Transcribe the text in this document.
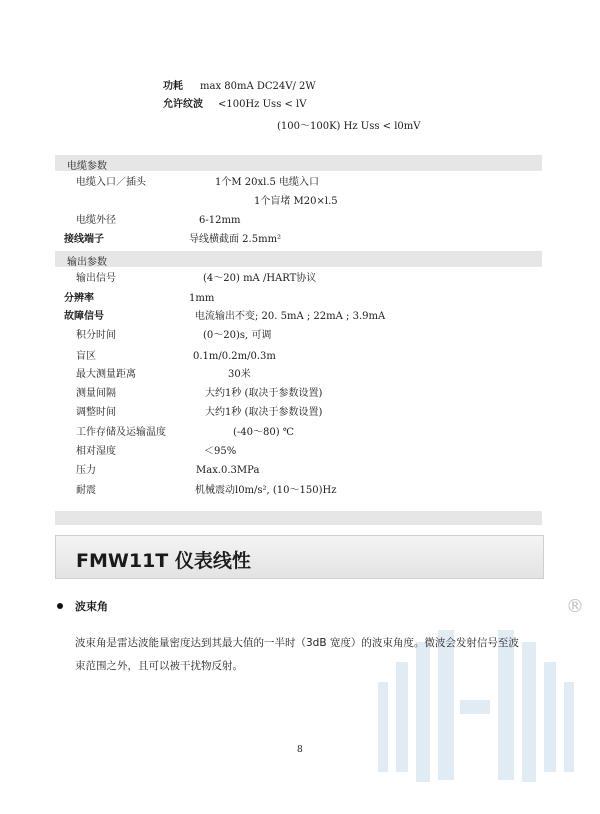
功耗 max 80mA DC24V/ 2W
允许纹波 <100Hz Uss < lV
(100～100K) Hz Uss < l0mV
电缆参数
电缆入口／插头	1个M 20xl.5 电缆入口
1个盲堵 M20×l.5
电缆外径	6-12mm
接线端子	导线横截面 2.5mm²
输出参数
输出信号	(4～20) mA /HART协议
分辨率	1mm
故障信号	电流输出不变; 20. 5mA ; 22mA ; 3.9mA
积分时间	(0～20)s, 可调
盲区	0.1m/0.2m/0.3m
最大测量距离	30米
测量间隔	大约1秒 (取决于参数设置)
调整时间	大约1秒 (取决于参数设置)
工作存储及运输温度	(-40～80) ℃
相对湿度	＜95%
压力	Max.0.3MPa
耐震	机械震动l0m/s², (10～150)Hz
FMW11T 仪表线性
®
波束角
波束角是雷达波能量密度达到其最大值的一半时（3dB 宽度）的波束角度。微波会发射信号至波
束范围之外，且可以被干扰物反射。
8
